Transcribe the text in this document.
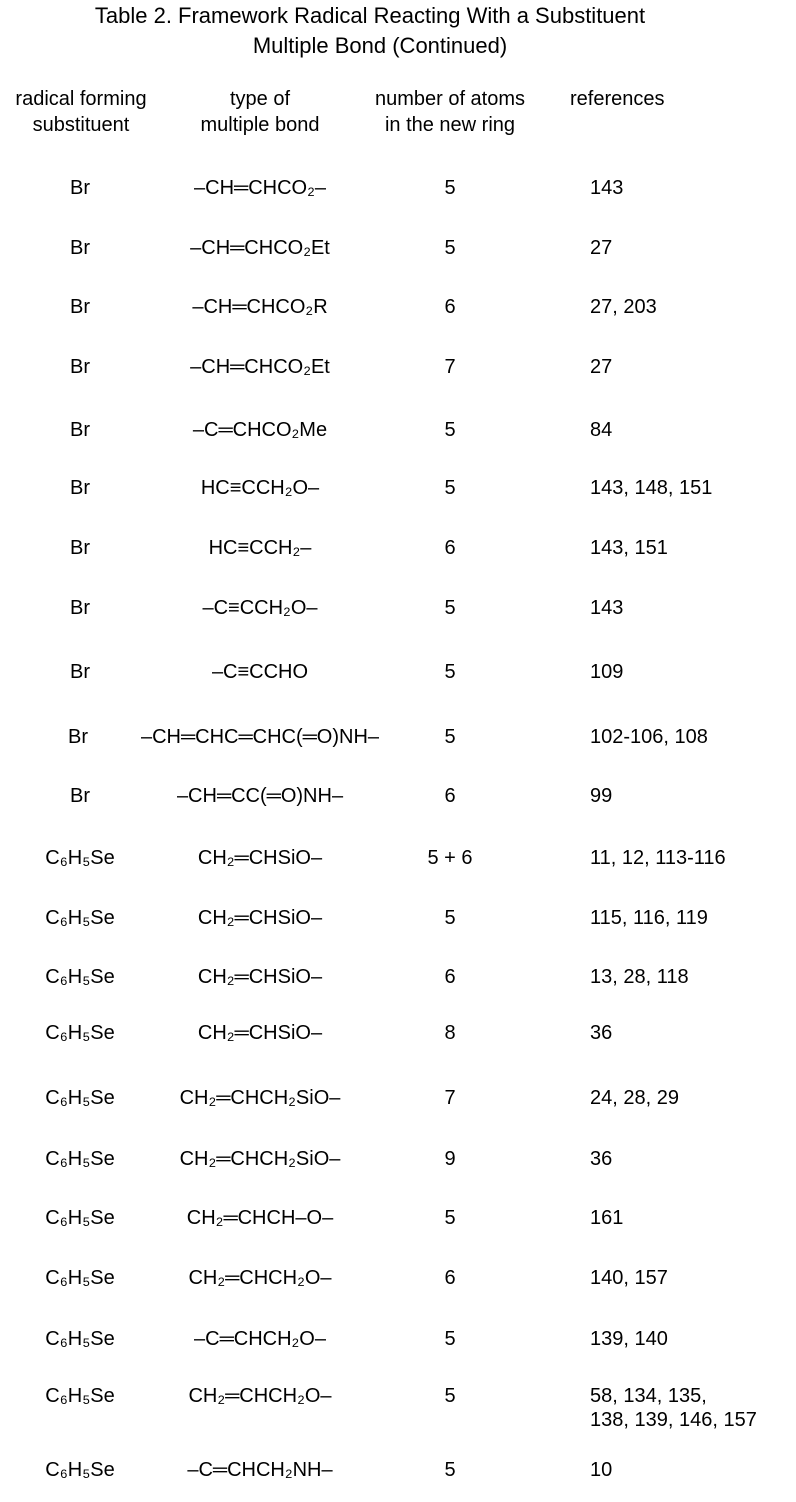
Table 2. Framework Radical Reacting With a Substituent
Multiple Bond (Continued)
radical forming
substituent
type of
multiple bond
number of atoms
in the new ring
references
Br	–CH═CHCO₂–	5	143
Br	–CH═CHCO₂Et	5	27
Br	–CH═CHCO₂R	6	27, 203
Br	–CH═CHCO₂Et	7	27
Br	–C═CHCO₂Me	5	84
Br	HC≡CCH₂O–	5	143, 148, 151
Br	HC≡CCH₂–	6	143, 151
Br	–C≡CCH₂O–	5	143
Br	–C≡CCHO	5	109
Br	–CH═CHC═CHC(═O)NH–	5	102-106, 108
Br	–CH═CC(═O)NH–	6	99
C₆H₅Se	CH₂═CHSiO–	5 + 6	11, 12, 113-116
C₆H₅Se	CH₂═CHSiO–	5	115, 116, 119
C₆H₅Se	CH₂═CHSiO–	6	13, 28, 118
C₆H₅Se	CH₂═CHSiO–	8	36
C₆H₅Se	CH₂═CHCH₂SiO–	7	24, 28, 29
C₆H₅Se	CH₂═CHCH₂SiO–	9	36
C₆H₅Se	CH₂═CHCH–O–	5	161
C₆H₅Se	CH₂═CHCH₂O–	6	140, 157
C₆H₅Se	–C═CHCH₂O–	5	139, 140
C₆H₅Se	CH₂═CHCH₂O–	5	58, 134, 135,
138, 139, 146, 157
C₆H₅Se	–C═CHCH₂NH–	5	10
